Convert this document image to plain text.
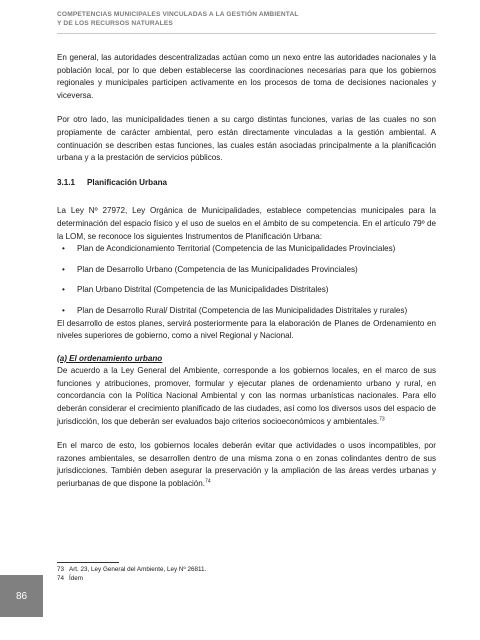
COMPETENCIAS MUNICIPALES VINCULADAS A LA GESTIÓN AMBIENTAL
Y DE LOS RECURSOS NATURALES

En general, las autoridades descentralizadas actúan como un nexo entre las autoridades nacionales y la población local, por lo que deben establecerse las coordinaciones necesarias para que los gobiernos regionales y municipales participen activamente en los procesos de toma de decisiones nacionales y viceversa.

Por otro lado, las municipalidades tienen a su cargo distintas funciones, varias de las cuales no son propiamente de carácter ambiental, pero están directamente vinculadas a la gestión ambiental. A continuación se describen estas funciones, las cuales están asociadas principalmente a la planificación urbana y a la prestación de servicios públicos.

3.1.1 Planificación Urbana

La Ley Nº 27972, Ley Orgánica de Municipalidades, establece competencias municipales para la determinación del espacio físico y el uso de suelos en el ámbito de su competencia. En el artículo 79º de la LOM, se reconoce los siguientes Instrumentos de Planificación Urbana:

• Plan de Acondicionamiento Territorial (Competencia de las Municipalidades Provinciales)
• Plan de Desarrollo Urbano (Competencia de las Municipalidades Provinciales)
• Plan Urbano Distrital (Competencia de las Municipalidades Distritales)
• Plan de Desarrollo Rural/ Distrital (Competencia de las Municipalidades Distritales y rurales)

El desarrollo de estos planes, servirá posteriormente para la elaboración de Planes de Ordenamiento en niveles superiores de gobierno, como a nivel Regional y Nacional.

(a) El ordenamiento urbano

De acuerdo a la Ley General del Ambiente, corresponde a los gobiernos locales, en el marco de sus funciones y atribuciones, promover, formular y ejecutar planes de ordenamiento urbano y rural, en concordancia con la Política Nacional Ambiental y con las normas urbanísticas nacionales. Para ello deberán considerar el crecimiento planificado de las ciudades, así como los diversos usos del espacio de jurisdicción, los que deberán ser evaluados bajo criterios socioeconómicos y ambientales.$^{73}$

En el marco de esto, los gobiernos locales deberán evitar que actividades o usos incompatibles, por razones ambientales, se desarrollen dentro de una misma zona o en zonas colindantes dentro de sus jurisdicciones. También deben asegurar la preservación y la ampliación de las áreas verdes urbanas y periurbanas de que dispone la población.$^{74}$

73 Art. 23, Ley General del Ambiente, Ley Nº 26811.
74 Ídem
86
